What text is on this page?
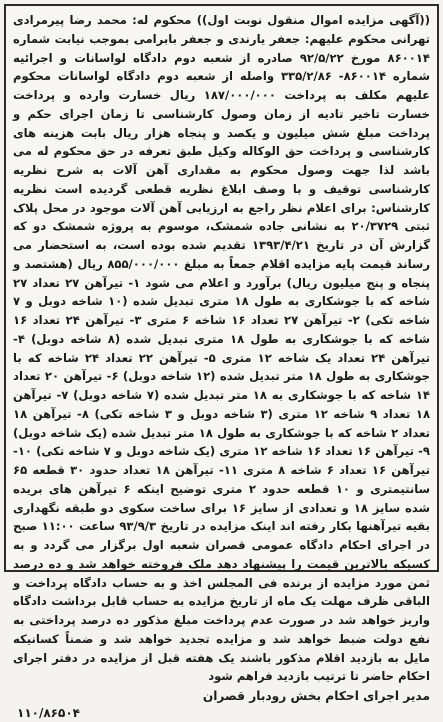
((آگهی مزایده اموال منقول نوبت اول)) محکوم له: محمد رضا پیرمرادی تهرانی محکوم علیهم: جعفر یارندی و جعفر بابرامی بموجب نیابت شماره ۸۶۰۰۱۴ مورخ ۹۲/۵/۲۲ صادره از شعبه دوم دادگاه لواسانات و اجرائیه شماره ۸۶۰۰۱۴- ۳۳۵/۲/۸۶ واصله از شعبه دوم دادگاه لواسانات محکوم علیهم مکلف به پرداخت ۱۸۷/۰۰۰/۰۰۰ ریال خسارت وارده و پرداخت خسارت تاخیر تادیه از زمان وصول کارشناسی تا زمان اجرای حکم و پرداخت مبلغ شش میلیون و یکصد و پنجاه هزار ریال بابت هزینه های کارشناسی و پرداخت حق الوکاله وکیل طبق تعرفه در حق محکوم له می باشد لذا جهت وصول محکوم به مقداری آهن آلات به شرح نظریه کارشناسی توقیف و با وصف ابلاغ نظریه قطعی گردیده است نظریه کارشناس: برای اعلام نظر راجع به ارزیابی آهن آلات موجود در محل پلاک ثبتی ۲۰/۳۷۲۹ به نشانی جاده شمشک، موسوم به پروژه شمشک دو که گزارش آن در تاریخ ۱۳۹۳/۴/۲۱ تقدیم شده بوده است، به استحضار می رساند قیمت پایه مزایده اقلام جمعاً به مبلغ ۸۵۵/۰۰۰/۰۰۰ ریال (هشتصد و پنجاه و پنج میلیون ریال) برآورد و اعلام می شود ۱- تیرآهن ۲۷ تعداد ۲۷ شاخه که با جوشکاری به طول ۱۸ متری تبدیل شده (۱۰ شاخه دوبل و ۷ شاخه تکی) ۲- تیرآهن ۲۷ تعداد ۱۶ شاخه ۶ متری ۳- تیرآهن ۲۴ تعداد ۱۶ شاخه که با جوشکاری به طول ۱۸ متری تبدیل شده (۸ شاخه دوبل) ۴- تیرآهن ۲۴ تعداد یک شاخه ۱۲ متری ۵- تیرآهن ۲۲ تعداد ۲۴ شاخه که با جوشکاری به طول ۱۸ متر تبدیل شده (۱۲ شاخه دوبل) ۶- تیرآهن ۲۰ تعداد ۱۴ شاخه که با جوشکاری به ۱۸ متر تبدیل شده (۷ شاخه دوبل) ۷- تیرآهن ۱۸ تعداد ۹ شاخه ۱۲ متری (۳ شاخه دوبل و ۳ شاخه تکی) ۸- تیرآهن ۱۸ تعداد ۲ شاخه که با جوشکاری به طول ۱۸ متر تبدیل شده (یک شاخه دوبل) ۹- تیرآهن ۱۶ تعداد ۱۶ شاخه ۱۲ متری (یک شاخه دوبل و ۷ شاخه تکی) ۱۰- تیرآهن ۱۶ تعداد ۶ شاخه ۸ متری ۱۱- تیرآهن ۱۸ تعداد حدود ۳۰ قطعه ۶۵ سانتیمتری و ۱۰ قطعه حدود ۲ متری توضیح اینکه ۶ تیرآهن های بریده شده سایز ۱۸ و تعدادی از سایز ۱۶ برای ساخت سکوی دو طبقه نگهداری بقیه تیرآهنها بکار رفته اند اینک مزایده در تاریخ ۹۳/۹/۳ ساعت ۱۱:۰۰ صبح در اجرای احکام دادگاه عمومی قصران شعبه اول برگزار می گردد و به کسیکه بالاترین قیمت را پیشنهاد دهد ملک فروخته خواهد شد و ده درصد ثمن مورد مزایده از برنده فی المجلس اخذ و به حساب دادگاه پرداخت و الباقی ظرف مهلت یک ماه از تاریخ مزایده به حساب قابل برداشت دادگاه واریز خواهد شد در صورت عدم پرداخت مبلغ مذکور ده درصد پرداختی به نفع دولت ضبط خواهد شد و مزایده تجدید خواهد شد و ضمناً کسانیکه مایل به بازدید اقلام مذکور باشند یک هفته قبل از مزایده در دفتر اجرای احکام حاضر تا ترتیب بازدید فراهم شود

مدیر اجرای احکام بخش رودبار قصران
۱۱۰/۸۶۵۰۴
